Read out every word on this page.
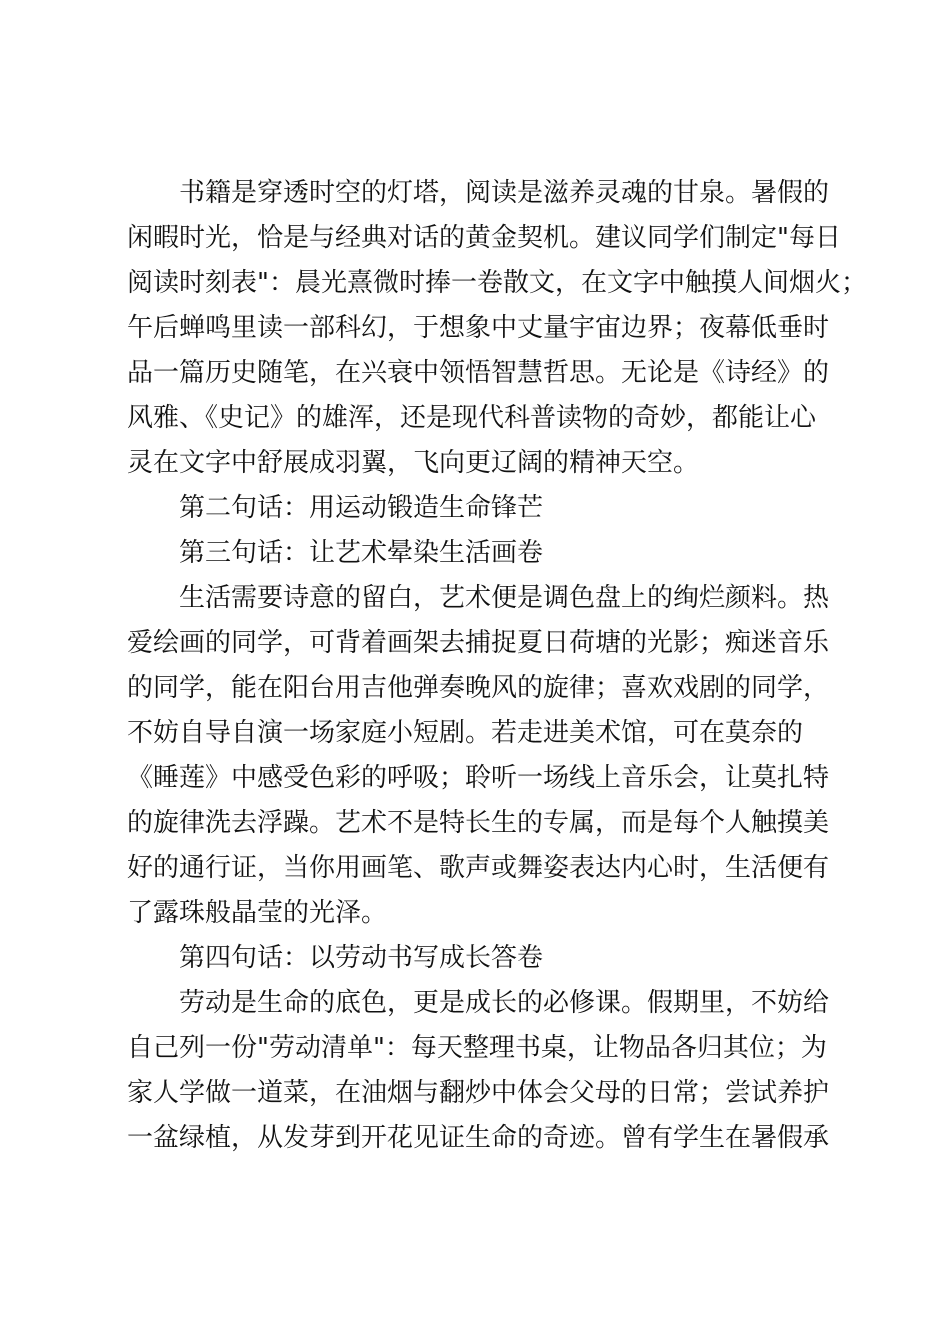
书籍是穿透时空的灯塔，阅读是滋养灵魂的甘泉。暑假的
闲暇时光，恰是与经典对话的黄金契机。建议同学们制定"每日
阅读时刻表"：晨光熹微时捧一卷散文，在文字中触摸人间烟火；
午后蝉鸣里读一部科幻，于想象中丈量宇宙边界；夜幕低垂时
品一篇历史随笔，在兴衰中领悟智慧哲思。无论是《诗经》的
风雅、《史记》的雄浑，还是现代科普读物的奇妙，都能让心
灵在文字中舒展成羽翼，飞向更辽阔的精神天空。
第二句话：用运动锻造生命锋芒
第三句话：让艺术晕染生活画卷
生活需要诗意的留白，艺术便是调色盘上的绚烂颜料。热
爱绘画的同学，可背着画架去捕捉夏日荷塘的光影；痴迷音乐
的同学，能在阳台用吉他弹奏晚风的旋律；喜欢戏剧的同学，
不妨自导自演一场家庭小短剧。若走进美术馆，可在莫奈的
《睡莲》中感受色彩的呼吸；聆听一场线上音乐会，让莫扎特
的旋律洗去浮躁。艺术不是特长生的专属，而是每个人触摸美
好的通行证，当你用画笔、歌声或舞姿表达内心时，生活便有
了露珠般晶莹的光泽。
第四句话：以劳动书写成长答卷
劳动是生命的底色，更是成长的必修课。假期里，不妨给
自己列一份"劳动清单"：每天整理书桌，让物品各归其位；为
家人学做一道菜，在油烟与翻炒中体会父母的日常；尝试养护
一盆绿植，从发芽到开花见证生命的奇迹。曾有学生在暑假承
